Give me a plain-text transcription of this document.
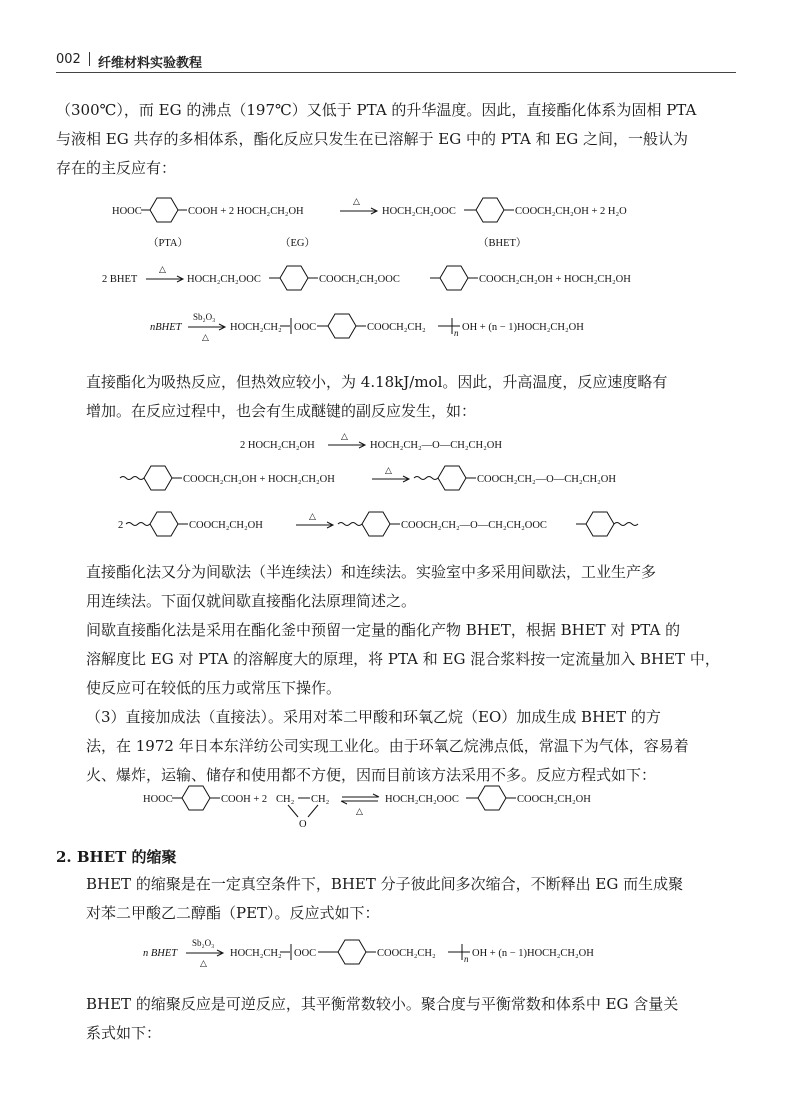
002 纤维材料实验教程
（300℃），而 EG 的沸点（197℃）又低于 PTA 的升华温度。因此，直接酯化体系为固相 PTA
与液相 EG 共存的多相体系，酯化反应只发生在已溶解于 EG 中的 PTA 和 EG 之间，一般认为
存在的主反应有：
HOOC	COOH + 2 HOCH₂CH₂OH
△
HOCH₂CH₂OOC	COOCH₂CH₂OH + 2 H₂O
（PTA）	（EG）	（BHET）
2 BHET
△
HOCH₂CH₂OOC	COOCH₂CH₂OOC	COOCH₂CH₂OH + HOCH₂CH₂OH
nBHET
Sb₂O₃
△
HOCH₂CH₂ OOC	COOCH₂CH₂	n OH + (n − 1)HOCH₂CH₂OH
直接酯化为吸热反应，但热效应较小，为 4.18kJ/mol。因此，升高温度，反应速度略有
增加。在反应过程中，也会有生成醚键的副反应发生，如：
2 HOCH₂CH₂OH
△
HOCH₂CH₂—O—CH₂CH₂OH
COOCH₂CH₂OH + HOCH₂CH₂OH
△
COOCH₂CH₂—O—CH₂CH₂OH
2	COOCH₂CH₂OH
△
COOCH₂CH₂—O—CH₂CH₂OOC
直接酯化法又分为间歇法（半连续法）和连续法。实验室中多采用间歇法，工业生产多
用连续法。下面仅就间歇直接酯化法原理简述之。
间歇直接酯化法是采用在酯化釜中预留一定量的酯化产物 BHET，根据 BHET 对 PTA 的
溶解度比 EG 对 PTA 的溶解度大的原理，将 PTA 和 EG 混合浆料按一定流量加入 BHET 中，
使反应可在较低的压力或常压下操作。
（3）直接加成法（直接法）。采用对苯二甲酸和环氧乙烷（EO）加成生成 BHET 的方
法，在 1972 年日本东洋纺公司实现工业化。由于环氧乙烷沸点低，常温下为气体，容易着
火、爆炸，运输、储存和使用都不方便，因而目前该方法采用不多。反应方程式如下：
HOOC	COOH + 2 CH₂ CH₂
O
△
HOCH₂CH₂OOC	COOCH₂CH₂OH
2. BHET 的缩聚
BHET 的缩聚是在一定真空条件下，BHET 分子彼此间多次缩合，不断释出 EG 而生成聚
对苯二甲酸乙二醇酯（PET）。反应式如下：
n BHET
Sb₂O₃
△
HOCH₂CH₂ OOC	COOCH₂CH₂	n OH + (n − 1)HOCH₂CH₂OH
BHET 的缩聚反应是可逆反应，其平衡常数较小。聚合度与平衡常数和体系中 EG 含量关
系式如下：
